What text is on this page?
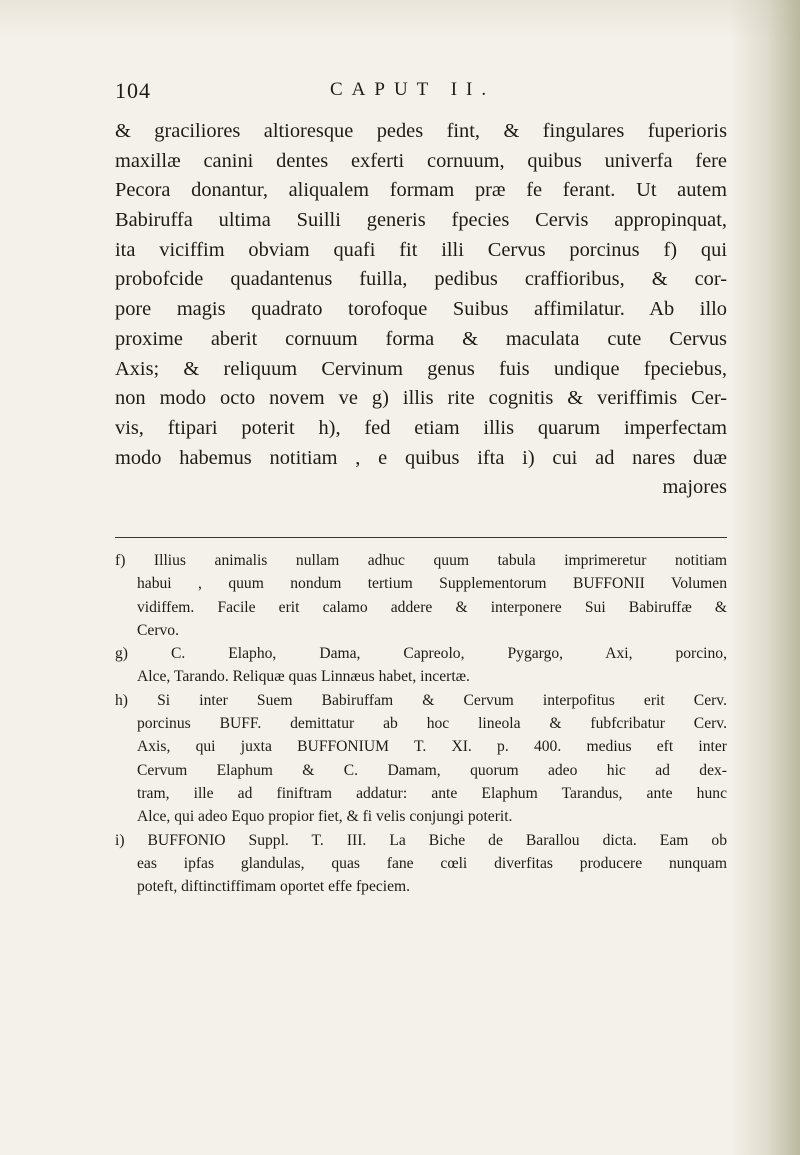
104	CAPUT II.
& graciliores altioresque pedes fint, & fingulares fuperioris
maxillæ canini dentes exferti cornuum, quibus univerfa fere
Pecora donantur, aliqualem formam præ fe ferant. Ut autem
Babiruffa ultima Suilli generis fpecies Cervis appropinquat,
ita viciffim obviam quafi fit illi Cervus porcinus f) qui
probofcide quadantenus fuilla, pedibus craffioribus, & cor-
pore magis quadrato torofoque Suibus affimilatur. Ab illo
proxime aberit cornuum forma & maculata cute Cervus
Axis; & reliquum Cervinum genus fuis undique fpeciebus,
non modo octo novem ve g) illis rite cognitis & veriffimis Cer-
vis, ftipari poterit h), fed etiam illis quarum imperfectam
modo habemus notitiam , e quibus ifta i) cui ad nares duæ
majores
f) Illius animalis nullam adhuc quum tabula imprimeretur notitiam
habui , quum nondum tertium Supplementorum BUFFONII Volumen
vidiffem. Facile erit calamo addere & interponere Sui Babiruffæ &
Cervo.
g) C. Elapho, Dama, Capreolo, Pygargo, Axi, porcino,
Alce, Tarando. Reliquæ quas Linnæus habet, incertæ.
h) Si inter Suem Babiruffam & Cervum interpofitus erit Cerv.
porcinus BUFF. demittatur ab hoc lineola & fubfcribatur Cerv.
Axis, qui juxta BUFFONIUM T. XI. p. 400. medius eft inter
Cervum Elaphum & C. Damam, quorum adeo hic ad dex-
tram, ille ad finiftram addatur: ante Elaphum Tarandus, ante hunc
Alce, qui adeo Equo propior fiet, & fi velis conjungi poterit.
i) BUFFONIO Suppl. T. III. La Biche de Barallou dicta. Eam ob
eas ipfas glandulas, quas fane cœli diverfitas producere nunquam
poteft, diftinctiffimam oportet effe fpeciem.
